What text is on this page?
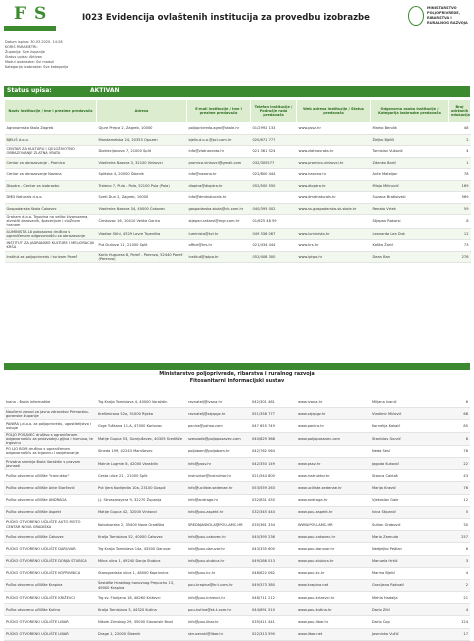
F S	I023 Evidencija ovlaštenih institucija za provedbu izobrazbe
MINISTARSTVO
POLJOPRIVREDE,
RIBARSTVA I
RURALNOG RAZVOJA
Datum ispisa: 30.03.2020. 14:28
KORIŠ PARAMETRI:
Županija: Sve županije
Status upisa: Aktivan
Modul izobrazbe: Svi moduli
Kategorija izobrazbe: Sve kategorije
Status upisa:	AKTIVAN
Naziv institucije / ime i prezime predavača	Adresa	E-mail institucije / Ime i prezime predavača	Telefon institucije / Područje rada predavača	Web adresa institucije / Status predavača	Odgovorna osoba institucije / Kategorija izobrazbe predavača	Broj održanih edukacija
Agronomska škola Zagreb	Gjure Prejca 2, Zagreb, 10000	poljoprivreda.agro@skole.hr	01/2992 133	www.pssz.hr	Marko Bendik	48
BJELIŠ d.o.o.	Mandamelska 24, 20353 Opuzen	bjelis.d.o.o.@pcl-com.hr	020/671 777		Željko Bjeliš	2
CENTAR ZA KULTURU I CJELOŽIVOTNO OBRAZOVANJE ZLATNA VRATA	Dioklecijanova 7, 21000 Split	info@zlatnavrata.hr	021 361 524	www.zlatnavrata.hr	Tomislav Vuković	4
Centar za obrazovanje - Promico	Vladimira Nazora 3, 32100 Vinkovci	promico.vinkovci@gmail.com	032/305577	www.promico-vinkovci.hr	Zdenko Barić	1
Centar za obrazovanje Nazona	Splitska 4, 20000 Šibenik	info@nazona.hr	022/800 444	www.nazona.hr	Ante Mateljan	78
Dioptra - Centar za izobrazbu	Trsteno 7, Pula - Pola, 52100 Pula (Pola)	dioptra@dioptra.hr	052/500 550	www.dioptra.hr	Mlaja Milinović	169
DMD Naturals d.o.o.	Svetl Dun 2, Zagreb, 10000	info@dmdnaturals.hr		www.dmdnaturals.hr	Suzana Bratkovski	569
Gospodarska škola Čakovec	Vladimira Nazora 34, 40000 Čakovec	gospodarska.skola@ck-com.hr	040/395 002	www.ss-gospodarska-sk.skole.hr	Renato Vrtek	59
Graham d.o.o. Trgovina na veliko živorozama, stvrstiti darovanih, špecerijom i cloŽnom hranom	Čimkovac 16, 10410 Velika Gorica	stjepan.rakarsi@mgr.com.hr	01/625 48 59		Stjepan Rakarsi	8
ILUMINISTA Lð pokosovno društvo s ograničenom odgovornošću za obrazovanje	Vladise Stihi, 4529 Lovre Trpenitta	luminista@kzl.hr	049 336 067	www.luminista.hr	Leonarda Lea Duk	12
INSTITUT ZA JADRANSKE KULTURE I MELIORACIJU KRŠA	Put Duilova 11, 21000 Split	office@krs.hr	021/434 444	www.krs.hr	Kaška Žarić	73
Institut za poljoprivredu i turizam Poreč	Karla Huguesa 8, Poreč - Parenzo, 52440 Poreč (Parenzo)	institut@iptpo.hr	052/408 300	www.iptpo.hr	Dean Ban	278
Ministarstvo poljoprivrede, ribarstva i ruralnog razvoja
Fitosanitarni informacijski sustav
Ivana - škola informatike	Trg Kralja Tomislava 4, 40000 Varaždin	ravnatelj@ivana.hr	042/301 461	www.ivana.hr	Miljana Ivanić	6
Naučemi zavod za javno zdravstvo Primorsko-goranske županije	Krešimirova 52a, 51000 Rijeka	ravnatelj@zzjzpgz.hr	051/358 777	www.zzjzpgz.hr	Vladimir Mićović	68
PANIRA j.d.o.o. za poljoprivredu, ugostiteljstvo i usluge	Grge Tuškana 11-A, 47000 Karlovac	panira@yahoo.com	047 655 749	www.panira.hr	Kornelija Kakaić	85
POLJO POŠAVEC društvo s ograničenom odgovornošću za proizvodnju gljiva i humusa, te trgovinu	Matije Gupca 53, Gornjuševec, 40305 Središće	szesvodb@poljoposavec.com	040/829 368	www.poljoposavec.com	Stanislav Gorzić	8
PO LJO BOM društvo s ograničenom odgovornošću za trgovinu i savjetovanje	Sineda 199, 42243 Maruševec	poljobom@poljobom.hr	042/762 064		Neda Sesl	76
Privatna srednja škola Varaždin s pravom javnosti	Malnie Lugmie 8, 42000 Varaždin	info@pssv.hr	042/350 149	www.pssv.hr	Jagoda Kuković	22
Pučko otvoreno učilište "Instruktor"	Cesta ulice 21 , 21000 Split	instruktor@instruktor.hr	021/544 800	www.instruktor.hr	Stanca Caktaš	43
Pučko otvoreno učilište Ante Starčević	Put Ijera Kodrjedla 10a, 23100 Gospić	info@uciliste-sedenae.hr	053/559 263	www.uciliste-sedenae.hr	Marija Knezić	76
Pučko otvoreno učilište ANDRAGA	J.J. Strossmayera 9, 32270 Županja	info@andraga.hr	032/831 450	www.andraga.hr	Vjekoslav Gale	12
Pučko otvoreno učilište Aspekt	Matije Gupca 42, 32000 Vinkovci	info@pou-aspekt.hr	032/345 444	www.pou-aspekt.hr	Ivica Stipanić	5
PUČKO OTVORENO UČILIŠTE AUTO MOTO CENTAR NOVA GRADIŠKA	Kolodvorska 2, 35400 Nova Gradiška	SREDNJASKOLA@POU-AMC.HR	035/361 334	WWW.POU-AMC.HR	Sultan Grabović	30
Pučko otvoreno učilište Čakovec	Kralja Tomislava 52, 40000 Čakovec	info@pou-cakovec.hr	040/395 236	www.pou-cakovec.hr	Mario Zamuda	257
PUČKO OTVORENO UČILIŠTE DARUVAR	Trg Kralja Tomislava 14a, 43500 Daruvar	info@pou-daruvar.hr	043/335 600	www.pou-daruvar.hr	Nedjeljko Pejtlan	8
PUČKO OTVORENO UČILIŠTE DONJA STUBICA	Mlina ulica 1, 49240 Donja Stubica	info@pou-stubica.hr	049/286 013	www.pou-stubica.hr	Manuela Hrkić	3
PUČKO OTVORENO UČILIŠTE KOPRIVNICA	Starogradska ulica 1, 48000 Koprivnica	info@pou-kc.hr	048/622 062	www.pou-kc.hr	Marina Bjelić	4
Pučko otvoreno učilište Krapina	Šestdiše Hrastkog hanovnog Prepuchu 13, 49000 Krapina	pou-krapina@kr.t-com.hr	049/373 380	www.krapina.net	Gracijana Rakvaić	2
PUČKO OTVORENO UČILIŠTE KRIŽEVCI	Trg sv. Florijana 18, 48260 Križevci	info@pou-krizevci.hr	048/711 212	www.pou-krizevci.hr	Mehla Hadalja	21
Pučko otvoreno učilište Kutina	Kralja Tomislava 3, 44320 Kutina	pou-kutina@sk.t-com.hr	044/691 510	www.pou-kutina.hr	Dario Zilić	4
PUČKO OTVORENO UČILIŠTE LIBAR	Nikole Zrinskog 29, 35000 Slavonski Brod	info@pou-libar.hr	035/411 441	www.pou-libar.hr	Dario Čop	124
PUČKO OTVORENO UČILIŠTE LIBAR	Drage 1, 22000 Šibenik	skrucevski@libar.hr	022/313 590	www.libar.net	Jasminka Vučić	17
